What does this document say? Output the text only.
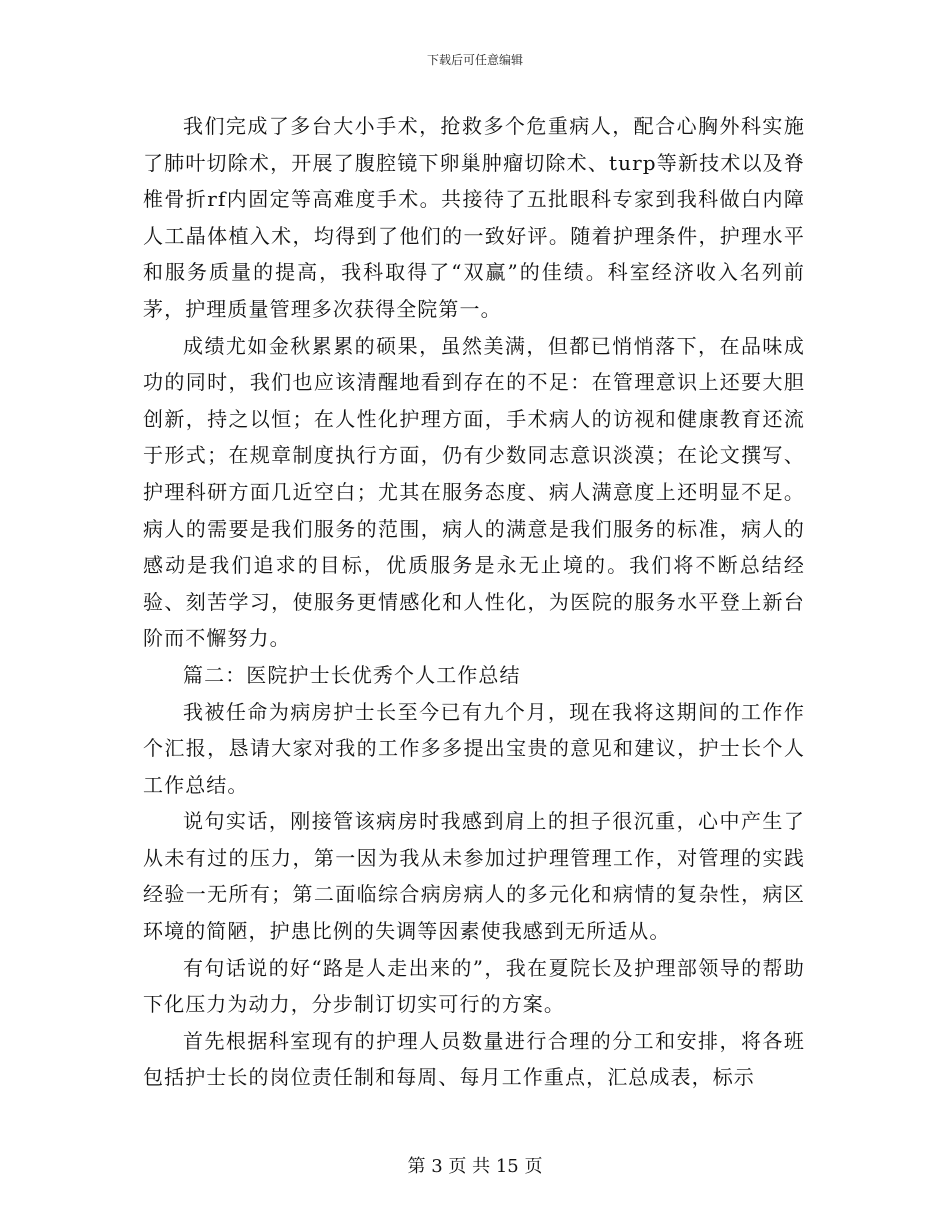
下载后可任意编辑

我们完成了多台大小手术，抢救多个危重病人，配合心胸外科实施了肺叶切除术，开展了腹腔镜下卵巢肿瘤切除术、turp等新技术以及脊椎骨折rf内固定等高难度手术。共接待了五批眼科专家到我科做白内障人工晶体植入术，均得到了他们的一致好评。随着护理条件，护理水平和服务质量的提高，我科取得了“双赢”的佳绩。科室经济收入名列前茅，护理质量管理多次获得全院第一。

成绩尤如金秋累累的硕果，虽然美满，但都已悄悄落下，在品味成功的同时，我们也应该清醒地看到存在的不足：在管理意识上还要大胆创新，持之以恒；在人性化护理方面，手术病人的访视和健康教育还流于形式；在规章制度执行方面，仍有少数同志意识淡漠；在论文撰写、护理科研方面几近空白；尤其在服务态度、病人满意度上还明显不足。病人的需要是我们服务的范围，病人的满意是我们服务的标准，病人的感动是我们追求的目标，优质服务是永无止境的。我们将不断总结经验、刻苦学习，使服务更情感化和人性化，为医院的服务水平登上新台阶而不懈努力。

篇二：医院护士长优秀个人工作总结

我被任命为病房护士长至今已有九个月，现在我将这期间的工作作个汇报，恳请大家对我的工作多多提出宝贵的意见和建议，护士长个人工作总结。

说句实话，刚接管该病房时我感到肩上的担子很沉重，心中产生了从未有过的压力，第一因为我从未参加过护理管理工作，对管理的实践经验一无所有；第二面临综合病房病人的多元化和病情的复杂性，病区环境的简陋，护患比例的失调等因素使我感到无所适从。

有句话说的好“路是人走出来的”，我在夏院长及护理部领导的帮助下化压力为动力，分步制订切实可行的方案。

首先根据科室现有的护理人员数量进行合理的分工和安排，将各班包括护士长的岗位责任制和每周、每月工作重点，汇总成表，标示

第 3 页 共 15 页
